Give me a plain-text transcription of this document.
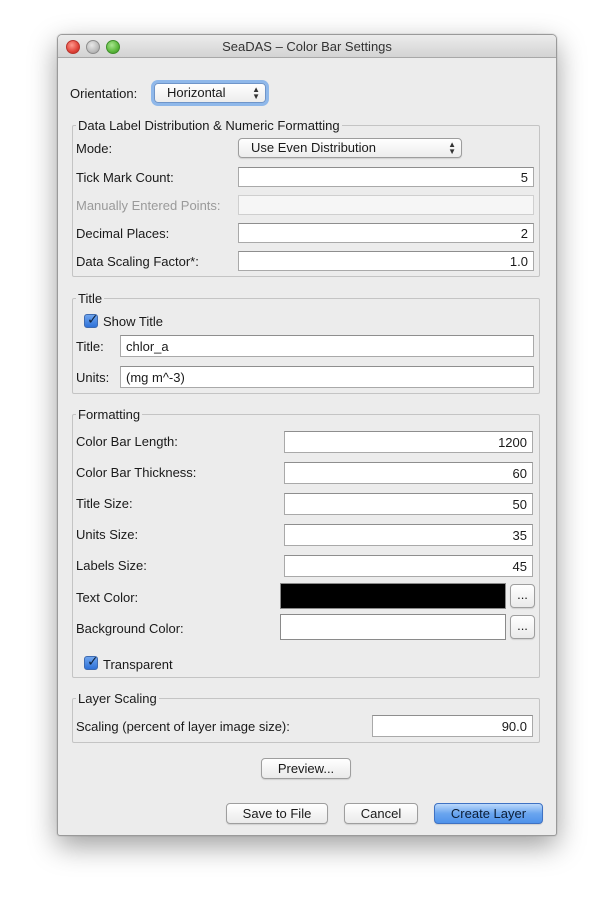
SeaDAS – Color Bar Settings
Orientation:	Horizontal	▲
▼
Data Label Distribution & Numeric Formatting
Mode:	Use Even Distribution	▲
▼
Tick Mark Count:
5
Manually Entered Points:
Decimal Places:
2
Data Scaling Factor*:
1.0
Title
✓ Show Title
Title:
chlor_a
Units:
(mg m^-3)
Formatting
Color Bar Length:
1200
Color Bar Thickness:
60
Title Size:
50
Units Size:
35
Labels Size:
45
Text Color:	...
Background Color:	...
✓ Transparent
Layer Scaling
Scaling (percent of layer image size):
90.0
Preview...
Save to File	Cancel	Create Layer
